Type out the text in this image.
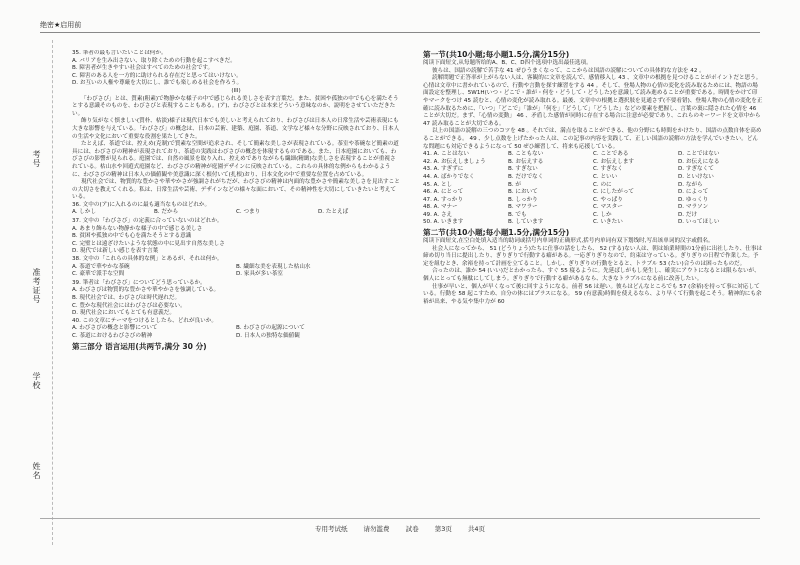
绝密★启用前
考号
准考证号
学校
姓名

35. 筆者の最も言いたいことは何か。

A. バリアを生み出さない、取り除くための行動を起こすべきだ。

B. 障害者が生きやすい社会はすべてのための社会です。

C. 障害のある人を一方的に助けられる存在だと思ってはいけない。

D. お互いの人権や尊厳を大切にし、誰でも楽しめる社会を作ろう。

(III)

「わびさび」とは、質素(粗素)で物静かな様子の中で感じられる美しさを表す言葉だ。また、貧困や孤独の中でも心を満たそうとする意識そのものを、わびさびと表現することもある。(ア)、わびさびとは本来どういう意味なのか、説明をさせていただきたい。

飾り気がなく慎ましい(質朴、枯淡)様子は現代日本でも美しいと考えられており、わびさびは日本人の日常生活や芸術表現にも大きな影響を与えている。「わびさび」の概念は、日本の芸術、建築、庭園、茶道、文学など様々な分野に反映されており、日本人の生活や文化において重要な役割を果たしてきた。

たとえば、茶道では、控えめ(克制)で質素な空間が追求され、そして簡素な美しさが表現されている。茶室や茶碗など簡素の道具には、わびさびの精神が表現されており、茶道の実践はわびさびの概念を体現するものである。また、日本庭園においても、わびさびの影響が見られる。庭園では、自然の風景を取り入れ、控えめでありながらも繊細(精緻)な美しさを表現することが重視されている。枯山水や回遊式庭園など、わびさびの精神が庭園デザインに反映されている。これらの具体的な例からもわかるように、わびさびの精神は日本人の価値観や美意識に深く根付いて(扎根)おり、日本文化の中で重要な位置を占めている。

現代社会では、物質的な豊かさや華やかさが強調されがちだが、わびさびの精神は内面的な豊かさや簡素な美しさを見出すことの大切さを教えてくれる。私は、日常生活や芸術、デザインなどの様々な面において、その精神性を大切にしていきたいと考えている。

36. 文中の(ア)に入れるのに最も適当なものはどれか。

A. しかし	B. だから	C. つまり	D. たとえば

37. 文中の「わびさび」の定義に合っていないのはどれか。

A. あまり飾らない物静かな様子の中で感じる美しさ

B. 貧困や孤独の中でも心を満たそうとする意識

C. 完璧とは遠ざけたいような状態の中に見出す自然な美しさ

D. 現代では新しい感じを表す言葉

38. 文中の「これらの具体的な例」とあるが、それは何か。

A. 茶道で華やかな茶碗	B. 繊細な美を表現した枯山水
C. 豪華で派手な空間	D. 家具が多い茶室

39. 筆者は「わびさび」についてどう思っているか。

A. わびさびは物質的な豊かさや華やかさを強調している。

B. 現代社会では、わびさびは時代遅れだ。

C. 豊かな現代社会にはわびさびは必要ない。

D. 現代社会においてもとても有意義だ。

40. この文章にテーマをつけるとしたら、どれが良いか。

A. わびさびの概念と影響について	B. わびさびの起源について
C. 茶道におけるわびさびの精神	D. 日本人の独特な価値観

第三部分 语言运用(共两节,满分 30 分)

第一节(共10小题;每小题1.5分,满分15分)

阅读下面短文,从每题所给的A、B、C、D四个选项中选出最佳选项。

彼らは、国語の読解で苦手な 41 ぜひうまくなって、ここからは国語の読解についての具体的な方法を 42 。

読解問題で正答率が上がらない人は、客観的に文章を読んで、感情移入し 43 、文章中の根拠を見つけることがポイントだと思う。心情は文章中に書かれているので、行動や言動を探す練習をする 44 。そして、登場人物の心情の変化を読み取るためには、物語の場面設定を整理し、5W1H(いつ・どこで・誰が・何を・どうして・どうした)を意識して読み進めることが重要である。時間をかけて印やマークをつけ 45 読むと、心情の変化が読み取れる。最後、文章中の根拠と選択肢を見通さず(不要看错)、登場人物の心情の変化を正確に読み取るために、「いつ」「どこで」「誰が」「何を」「どうして」「どうした」などの要素を把握し、言葉の裏に隠された心情を 46 ことが大切だ。まず、「心情の変動」 46 、矛盾した感情が同時に存在する場合に注意が必要であり、これらのキーワードを文章中から 47 読み取ることが大切である。

以上の国語の読解の三つのコツを 48 。それでは、満点を取ることができる、他の分野にも時間をかけたり、国語の点数自体を高めることができる。 49 、少し点数を上げたかった人は、この記事の内容を実践して、正しい国語の読解の方法を学んでいきたい。どんな問題にも対応できるようになって 50 ぜひ練習して、将来も応援している。

41. A. ことはない	B. こともない	C. ことである	D. ことではない
42. A. お伝えしましょう	B. お伝えする	C. お伝えします	D. お伝えになる
43. A. すぎずに	B. すぎない	C. すぎなく	D. すぎなくて
44. A. ばかりでなく	B. だけでなく	C. といい	D. といけない
45. A. とし	B. が	C. のに	D. ながら
46. A. にとって	B. において	C. にしたがって	D. によって
47. A. すっかり	B. しっかり	C. やっぱり	D. ゆっくり
48. A. マナー	B. マワラー	C. マスター	D. マラソン
49. A. さえ	B. でも	C. しか	D. だけ
50. A. いきます	B. しています	C. いきたい	D. いってほしい

第二节(共10小题;每小题1.5分,满分15分)

阅读下面短文,在空白处填入适当的助词或括号内单词的正确形式,括号内单词有双下划线时,写出该单词的汉字或假名。

社会人になってから、 51 (どうりょう)たちに仕事の話をしたら、 52 (する)ない人は、朝は始業時間の1分前に出社したり、仕事は締め切り当日に提出したり、ぎりぎりで行動する癖がある。一応ぎりぎりなので、約束は守っている。ぎりぎりの日程で作業した。予定を組むとき、余裕を持って計画を立てること。しかし、ぎりぎりの行動をとると、トラブル 53 (たい)合うのは困ったものだ。

合ったのは、誰か 54 (いい)だとわかったら、すぐ 55 寝るように。先延ばしがもし発生し、確実にアウトになるとは限らないが、個人にとっても無駄にしてしまう。ぎりぎりで行動する癖があるなら、大きなトラブルになる前に改善したい。

仕事が早いと、個人が早くなって後に回すようになる。前者 56 は遅い。彼らはどんなところでも 57 (余裕)を持って事に対応している。行動を 58 起こすため、自分の体にはプラスになる。 59 (有意義)時間を使えるなら、より早くて行動を起こそう。精神的にも余裕が出来、やる気や集中力が 60

专用考试纸 请勿滥费 試卷 第3页 共4页
